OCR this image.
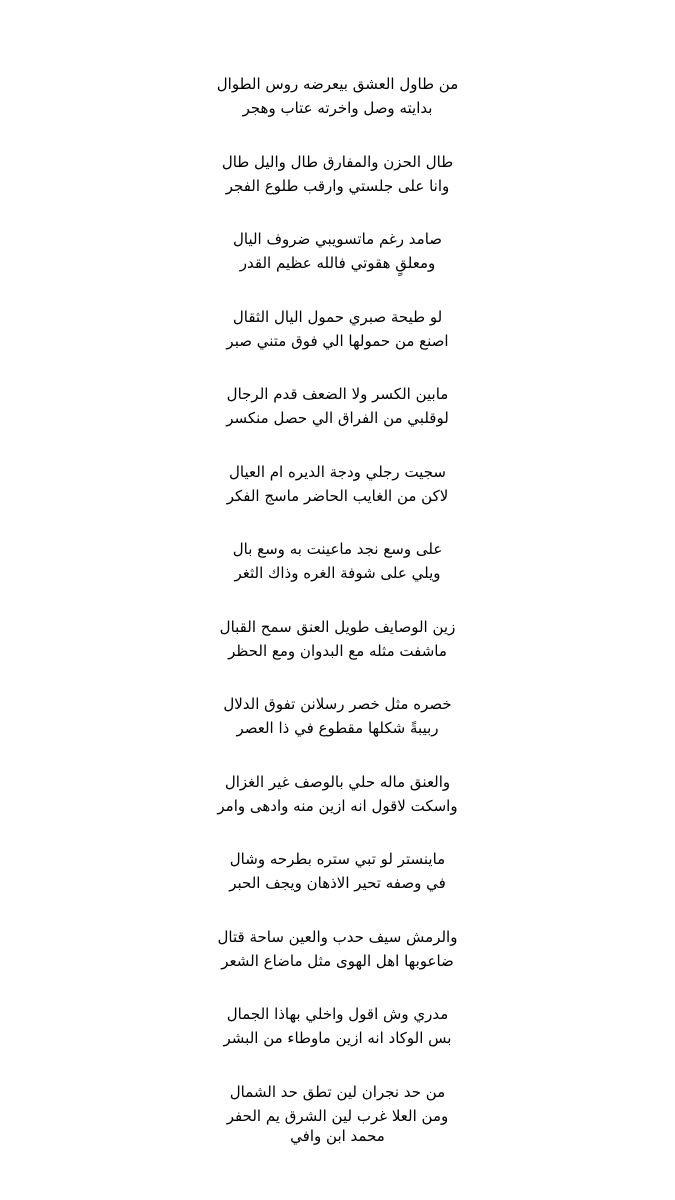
من طاول العشق بيعرضه روس الطوال
بدايته وصل واخرته عتاب وهجر
طال الحزن والمفارق طال واليل طال
وانا على جلستي وارقب طلوع الفجر
صامد رغم ماتسويبي ضروف اليال
ومعلقٍ هقوتي فالله عظيم القدر
لو طيحة صبري حمول اليال الثقال
اصنع من حمولها الي فوق متني صبر
مابين الكسر ولا الضعف قدم الرجال
لوقلبي من الفراق الي حصل منكسر
سجيت رجلي ودجة الديره ام العيال
لاكن من الغايب الحاضر ماسج الفكر
على وسع نجد ماعينت به وسع بال
ويلي على شوفة الغره وذاك الثغر
زين الوصايف طويل العنق سمح القبال
ماشفت مثله مع البدوان ومع الحظر
خصره مثل خصر رسلانن تفوق الدلال
ربيبةً شكلها مقطوع في ذا العصر
والعنق ماله حلي بالوصف غير الغزال
واسكت لاقول انه ازين منه وادهى وامر
ماينستر لو تبي ستره بطرحه وشال
في وصفه تحير الاذهان ويجف الحبر
والرمش سيف حدب والعين ساحة قتال
ضاعوبها اهل الهوى مثل ماضاع الشعر
مدري وش اقول واخلي بهاذا الجمال
بس الوكاد انه ازين ماوطاء من البشر
من حد نجران لين تطق حد الشمال
ومن العلا غرب لين الشرق يم الحفر
محمد ابن وافي
